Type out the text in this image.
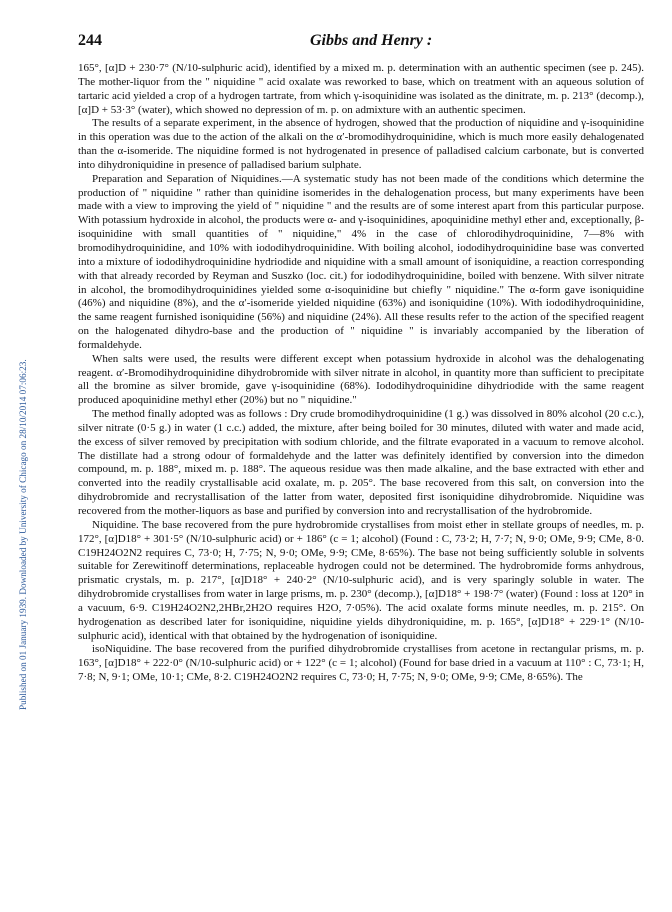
244	Gibbs and Henry :
Published on 01 January 1939. Downloaded by University of Chicago on 28/10/2014 07:06:23.

165°, [α]D + 230·7° (N/10-sulphuric acid), identified by a mixed m. p. determination with an authentic specimen (see p. 245). The mother-liquor from the " niquidine " acid oxalate was reworked to base, which on treatment with an aqueous solution of tartaric acid yielded a crop of a hydrogen tartrate, from which γ-isoquinidine was isolated as the dinitrate, m. p. 213° (decomp.), [α]D + 53·3° (water), which showed no depression of m. p. on admixture with an authentic specimen.

The results of a separate experiment, in the absence of hydrogen, showed that the production of niquidine and γ-isoquinidine in this operation was due to the action of the alkali on the α′-bromodihydroquinidine, which is much more easily dehalogenated than the α-isomeride. The niquidine formed is not hydrogenated in presence of palladised calcium carbonate, but is converted into dihydroniquidine in presence of palladised barium sulphate.

Preparation and Separation of Niquidines.—A systematic study has not been made of the conditions which determine the production of " niquidine " rather than quinidine isomerides in the dehalogenation process, but many experiments have been made with a view to improving the yield of " niquidine " and the results are of some interest apart from this particular purpose. With potassium hydroxide in alcohol, the products were α- and γ-isoquinidines, apoquinidine methyl ether and, exceptionally, β-isoquinidine with small quantities of " niquidine," 4% in the case of chlorodihydroquinidine, 7—8% with bromodihydroquinidine, and 10% with iododihydroquinidine. With boiling alcohol, iododihydroquinidine base was converted into a mixture of iododihydroquinidine hydriodide and niquidine with a small amount of isoniquidine, a reaction corresponding with that already recorded by Reyman and Suszko (loc. cit.) for iododihydroquinidine, boiled with benzene. With silver nitrate in alcohol, the bromodihydroquinidines yielded some α-isoquinidine but chiefly " niquidine." The α-form gave isoniquidine (46%) and niquidine (8%), and the α′-isomeride yielded niquidine (63%) and isoniquidine (10%). With iododihydroquinidine, the same reagent furnished isoniquidine (56%) and niquidine (24%). All these results refer to the action of the specified reagent on the halogenated dihydro-base and the production of " niquidine " is invariably accompanied by the liberation of formaldehyde.

When salts were used, the results were different except when potassium hydroxide in alcohol was the dehalogenating reagent. α′-Bromodihydroquinidine dihydrobromide with silver nitrate in alcohol, in quantity more than sufficient to precipitate all the bromine as silver bromide, gave γ-isoquinidine (68%). Iododihydroquinidine dihydriodide with the same reagent produced apoquinidine methyl ether (20%) but no " niquidine."

The method finally adopted was as follows : Dry crude bromodihydroquinidine (1 g.) was dissolved in 80% alcohol (20 c.c.), silver nitrate (0·5 g.) in water (1 c.c.) added, the mixture, after being boiled for 30 minutes, diluted with water and made acid, the excess of silver removed by precipitation with sodium chloride, and the filtrate evaporated in a vacuum to remove alcohol. The distillate had a strong odour of formaldehyde and the latter was definitely identified by conversion into the dimedon compound, m. p. 188°, mixed m. p. 188°. The aqueous residue was then made alkaline, and the base extracted with ether and converted into the readily crystallisable acid oxalate, m. p. 205°. The base recovered from this salt, on conversion into the dihydrobromide and recrystallisation of the latter from water, deposited first isoniquidine dihydrobromide. Niquidine was recovered from the mother-liquors as base and purified by conversion into and recrystallisation of the hydrobromide.

Niquidine. The base recovered from the pure hydrobromide crystallises from moist ether in stellate groups of needles, m. p. 172°, [α]D18° + 301·5° (N/10-sulphuric acid) or + 186° (c = 1; alcohol) (Found : C, 73·2; H, 7·7; N, 9·0; OMe, 9·9; CMe, 8·0. C19H24O2N2 requires C, 73·0; H, 7·75; N, 9·0; OMe, 9·9; CMe, 8·65%). The base not being sufficiently soluble in solvents suitable for Zerewitinoff determinations, replaceable hydrogen could not be determined. The hydrobromide forms anhydrous, prismatic crystals, m. p. 217°, [α]D18° + 240·2° (N/10-sulphuric acid), and is very sparingly soluble in water. The dihydrobromide crystallises from water in large prisms, m. p. 230° (decomp.), [α]D18° + 198·7° (water) (Found : loss at 120° in a vacuum, 6·9. C19H24O2N2,2HBr,2H2O requires H2O, 7·05%). The acid oxalate forms minute needles, m. p. 215°. On hydrogenation as described later for isoniquidine, niquidine yields dihydroniquidine, m. p. 165°, [α]D18° + 229·1° (N/10-sulphuric acid), identical with that obtained by the hydrogenation of isoniquidine.

isoNiquidine. The base recovered from the purified dihydrobromide crystallises from acetone in rectangular prisms, m. p. 163°, [α]D18° + 222·0° (N/10-sulphuric acid) or + 122° (c = 1; alcohol) (Found for base dried in a vacuum at 110° : C, 73·1; H, 7·8; N, 9·1; OMe, 10·1; CMe, 8·2. C19H24O2N2 requires C, 73·0; H, 7·75; N, 9·0; OMe, 9·9; CMe, 8·65%). The
